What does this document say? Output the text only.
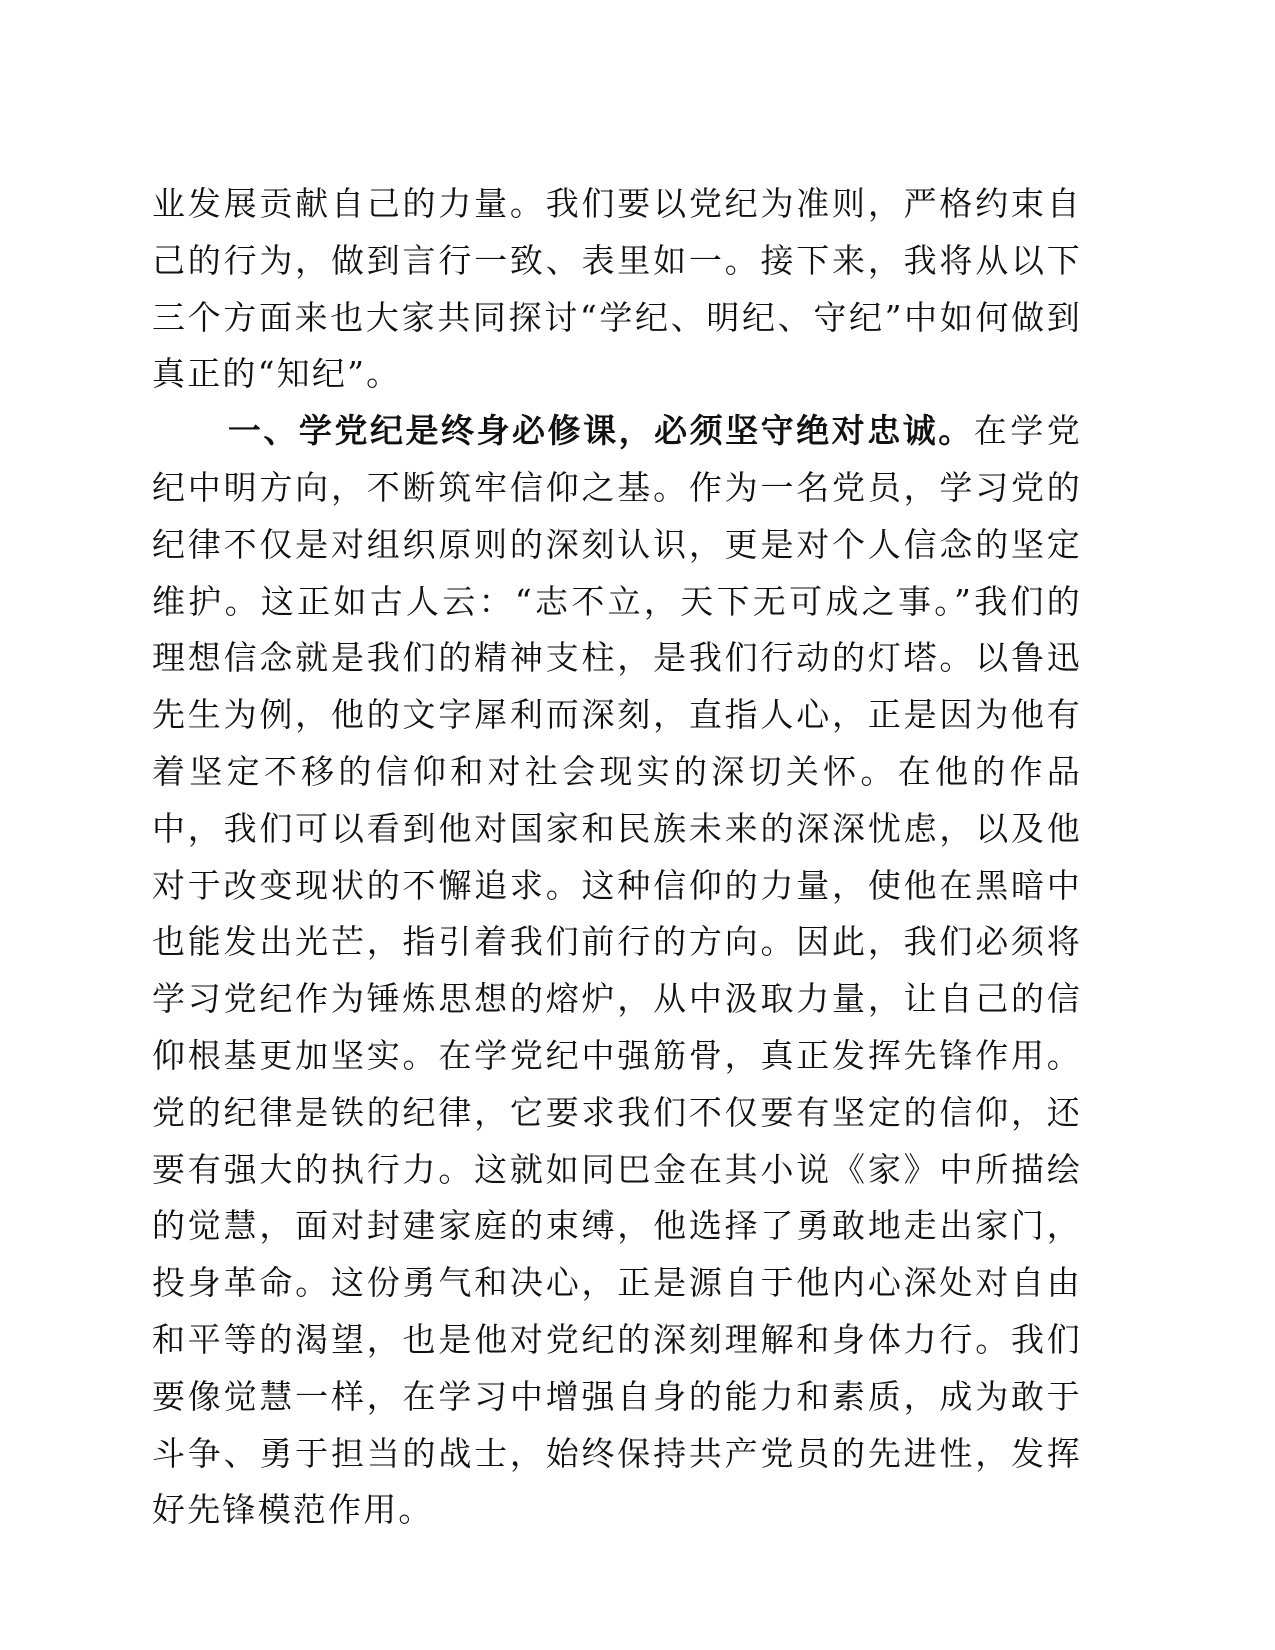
业发展贡献自己的力量。我们要以党纪为准则，严格约束自己的行为，做到言行一致、表里如一。接下来，我将从以下三个方面来也大家共同探讨“学纪、明纪、守纪”中如何做到真正的“知纪”。

一、学党纪是终身必修课，必须坚守绝对忠诚。在学党纪中明方向，不断筑牢信仰之基。作为一名党员，学习党的纪律不仅是对组织原则的深刻认识，更是对个人信念的坚定维护。这正如古人云：“志不立，天下无可成之事。”我们的理想信念就是我们的精神支柱，是我们行动的灯塔。以鲁迅先生为例，他的文字犀利而深刻，直指人心，正是因为他有着坚定不移的信仰和对社会现实的深切关怀。在他的作品中，我们可以看到他对国家和民族未来的深深忧虑，以及他对于改变现状的不懈追求。这种信仰的力量，使他在黑暗中也能发出光芒，指引着我们前行的方向。因此，我们必须将学习党纪作为锤炼思想的熔炉，从中汲取力量，让自己的信仰根基更加坚实。在学党纪中强筋骨，真正发挥先锋作用。党的纪律是铁的纪律，它要求我们不仅要有坚定的信仰，还要有强大的执行力。这就如同巴金在其小说《家》中所描绘的觉慧，面对封建家庭的束缚，他选择了勇敢地走出家门，投身革命。这份勇气和决心，正是源自于他内心深处对自由和平等的渴望，也是他对党纪的深刻理解和身体力行。我们要像觉慧一样，在学习中增强自身的能力和素质，成为敢于斗争、勇于担当的战士，始终保持共产党员的先进性，发挥好先锋模范作用。
